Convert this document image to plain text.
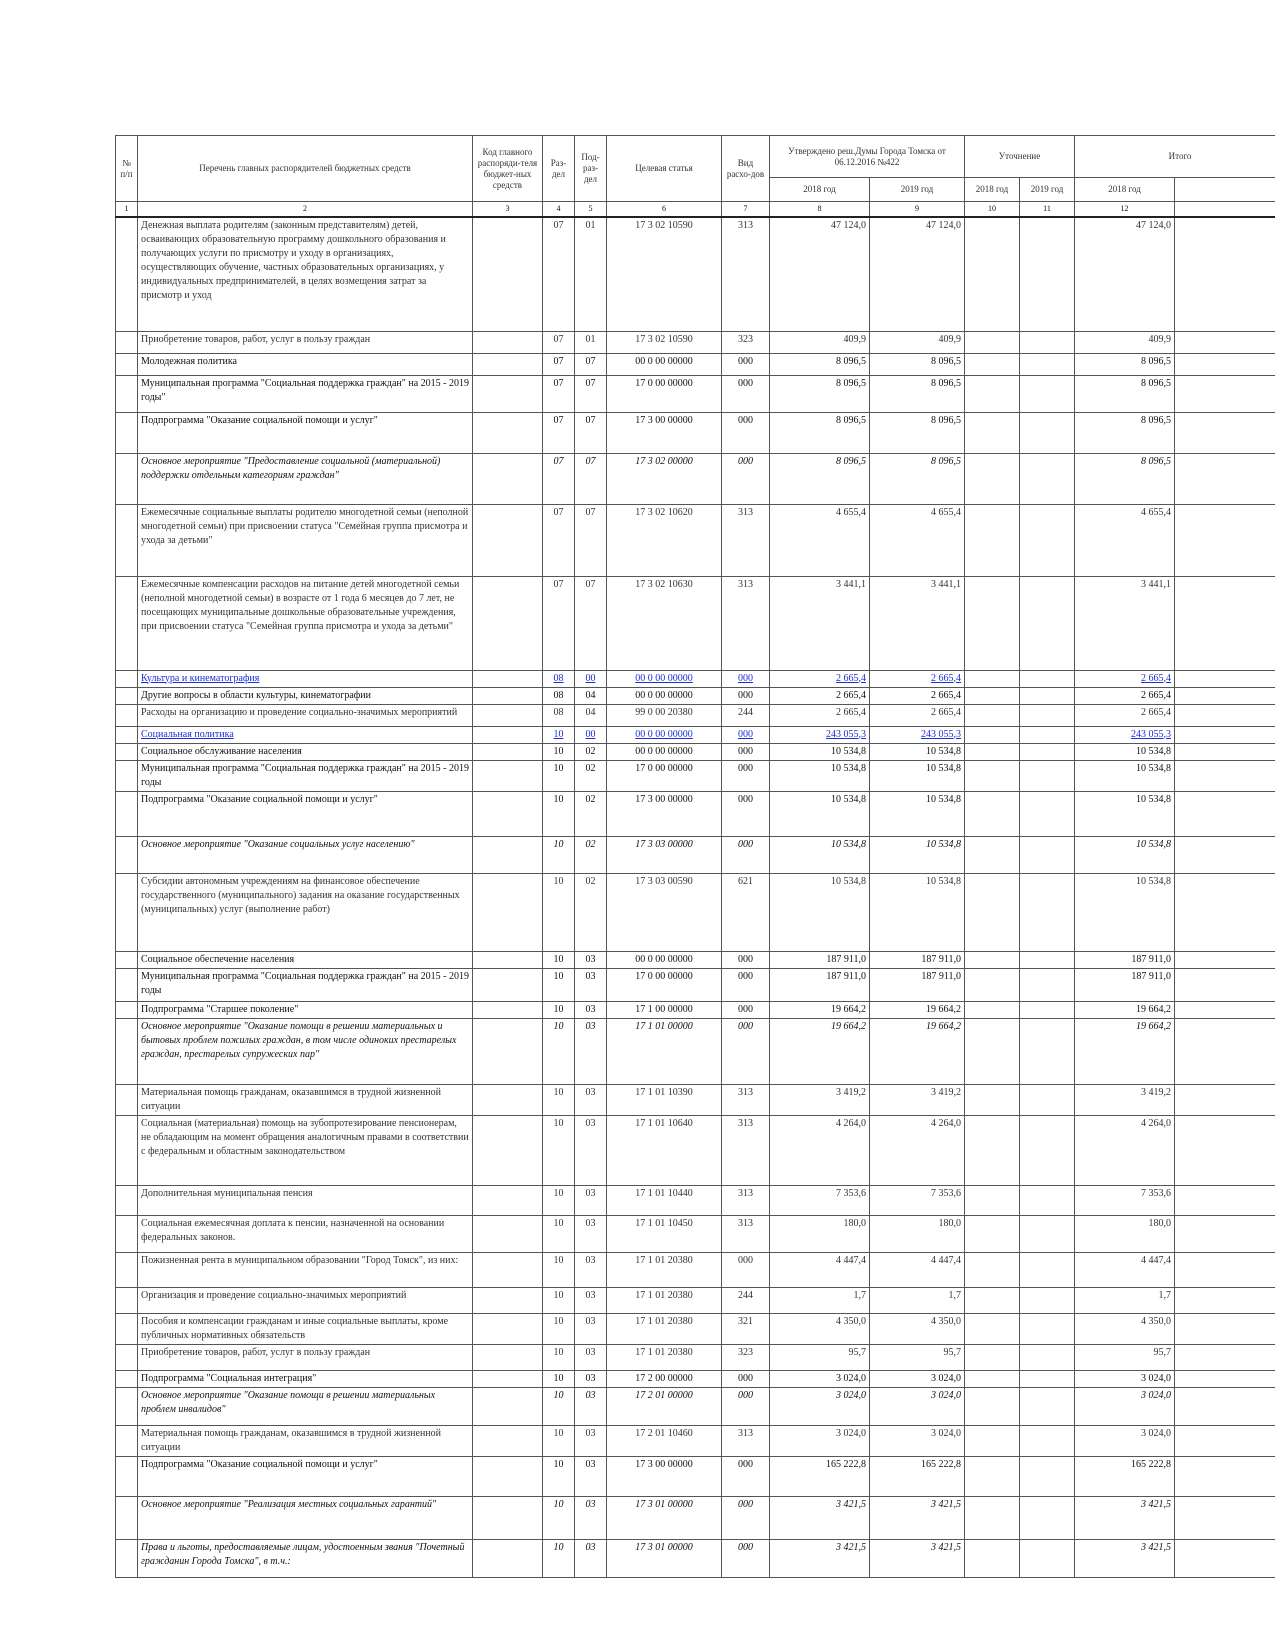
№ п/п	Перечень главных распорядителей бюджетных средств	Код главного распоряди-теля бюджет-ных средств	Раз-дел	Под-раз-дел	Целевая статья	Вид расхо-дов	Утверждено реш.Думы Города Томска от 06.12.2016 №422		Уточнение		Итого	
							2018 год	2019 год	2018 год	2019 год	2018 год	
1	2	3	4	5	6	7	8	9	10	11	12	
	Денежная выплата родителям (законным представителям) детей, осваивающих образовательную программу дошкольного образования и получающих услуги по присмотру и уходу в организациях, осуществляющих обучение, частных образовательных организациях, у индивидуальных предпринимателей, в целях возмещения затрат за присмотр и уход		07	01	17 3 02 10590	313	47 124,0	47 124,0			47 124,0	
	Приобретение товаров, работ, услуг в пользу граждан		07	01	17 3 02 10590	323	409,9	409,9			409,9	
	Молодежная политика		07	07	00 0 00 00000	000	8 096,5	8 096,5			8 096,5	
	Муниципальная программа "Социальная поддержка граждан" на 2015 - 2019 годы"		07	07	17 0 00 00000	000	8 096,5	8 096,5			8 096,5	
	Подпрограмма "Оказание социальной помощи и услуг"		07	07	17 3 00 00000	000	8 096,5	8 096,5			8 096,5	
	Основное мероприятие "Предоставление социальной (материальной) поддержки отдельным категориям граждан"		07	07	17 3 02 00000	000	8 096,5	8 096,5			8 096,5	
	Ежемесячные социальные выплаты родителю многодетной семьи (неполной многодетной семьи) при присвоении статуса "Семейная группа присмотра и ухода за детьми"		07	07	17 3 02 10620	313	4 655,4	4 655,4			4 655,4	
	Ежемесячные компенсации расходов на питание детей многодетной семьи (неполной многодетной семьи) в возрасте от 1 года 6 месяцев до 7 лет, не посещающих муниципальные дошкольные образовательные учреждения, при присвоении статуса "Семейная группа присмотра и ухода за детьми"		07	07	17 3 02 10630	313	3 441,1	3 441,1			3 441,1	
	Культура и кинематография		08	00	00 0 00 00000	000	2 665,4	2 665,4			2 665,4	
	Другие вопросы в области культуры, кинематографии		08	04	00 0 00 00000	000	2 665,4	2 665,4			2 665,4	
	Расходы на организацию и проведение социально-значимых мероприятий		08	04	99 0 00 20380	244	2 665,4	2 665,4			2 665,4	
	Социальная политика		10	00	00 0 00 00000	000	243 055,3	243 055,3			243 055,3	
	Социальное обслуживание населения		10	02	00 0 00 00000	000	10 534,8	10 534,8			10 534,8	
	Муниципальная программа "Социальная поддержка граждан" на 2015 - 2019 годы		10	02	17 0 00 00000	000	10 534,8	10 534,8			10 534,8	
	Подпрограмма "Оказание социальной помощи и услуг"		10	02	17 3 00 00000	000	10 534,8	10 534,8			10 534,8	
	Основное мероприятие "Оказание социальных услуг населению"		10	02	17 3 03 00000	000	10 534,8	10 534,8			10 534,8	
	Субсидии автономным учреждениям на финансовое обеспечение государственного (муниципального) задания на оказание государственных (муниципальных) услуг (выполнение работ)		10	02	17 3 03 00590	621	10 534,8	10 534,8			10 534,8	
	Социальное обеспечение населения		10	03	00 0 00 00000	000	187 911,0	187 911,0			187 911,0	
	Муниципальная программа "Социальная поддержка граждан" на 2015 - 2019 годы		10	03	17 0 00 00000	000	187 911,0	187 911,0			187 911,0	
	Подпрограмма "Старшее поколение"		10	03	17 1 00 00000	000	19 664,2	19 664,2			19 664,2	
	Основное мероприятие "Оказание помощи в решении материальных и бытовых проблем пожилых граждан, в том числе одиноких престарелых граждан, престарелых супружеских пар"		10	03	17 1 01 00000	000	19 664,2	19 664,2			19 664,2	
	Материальная помощь гражданам, оказавшимся в трудной жизненной ситуации		10	03	17 1 01 10390	313	3 419,2	3 419,2			3 419,2	
	Социальная (материальная) помощь на зубопротезирование пенсионерам, не обладающим на момент обращения аналогичным правами в соответствии с федеральным и областным законодательством		10	03	17 1 01 10640	313	4 264,0	4 264,0			4 264,0	
	Дополнительная муниципальная пенсия		10	03	17 1 01 10440	313	7 353,6	7 353,6			7 353,6	
	Социальная ежемесячная доплата к пенсии, назначенной на основании федеральных законов.		10	03	17 1 01 10450	313	180,0	180,0			180,0	
	Пожизненная рента в муниципальном образовании "Город Томск", из них:		10	03	17 1 01 20380	000	4 447,4	4 447,4			4 447,4	
	Организация и проведение социально-значимых мероприятий		10	03	17 1 01 20380	244	1,7	1,7			1,7	
	Пособия и компенсации гражданам и иные социальные выплаты, кроме публичных нормативных обязательств		10	03	17 1 01 20380	321	4 350,0	4 350,0			4 350,0	
	Приобретение товаров, работ, услуг в пользу граждан		10	03	17 1 01 20380	323	95,7	95,7			95,7	
	Подпрограмма "Социальная интеграция"		10	03	17 2 00 00000	000	3 024,0	3 024,0			3 024,0	
	Основное мероприятие "Оказание помощи в решении материальных проблем инвалидов"		10	03	17 2 01 00000	000	3 024,0	3 024,0			3 024,0	
	Материальная помощь гражданам, оказавшимся в трудной жизненной ситуации		10	03	17 2 01 10460	313	3 024,0	3 024,0			3 024,0	
	Подпрограмма "Оказание социальной помощи и услуг"		10	03	17 3 00 00000	000	165 222,8	165 222,8			165 222,8	
	Основное мероприятие "Реализация местных социальных гарантий"		10	03	17 3 01 00000	000	3 421,5	3 421,5			3 421,5	
	Права и льготы, предоставляемые лицам, удостоенным звания "Почетный гражданин Города Томска", в т.ч.:		10	03	17 3 01 00000	000	3 421,5	3 421,5			3 421,5	
